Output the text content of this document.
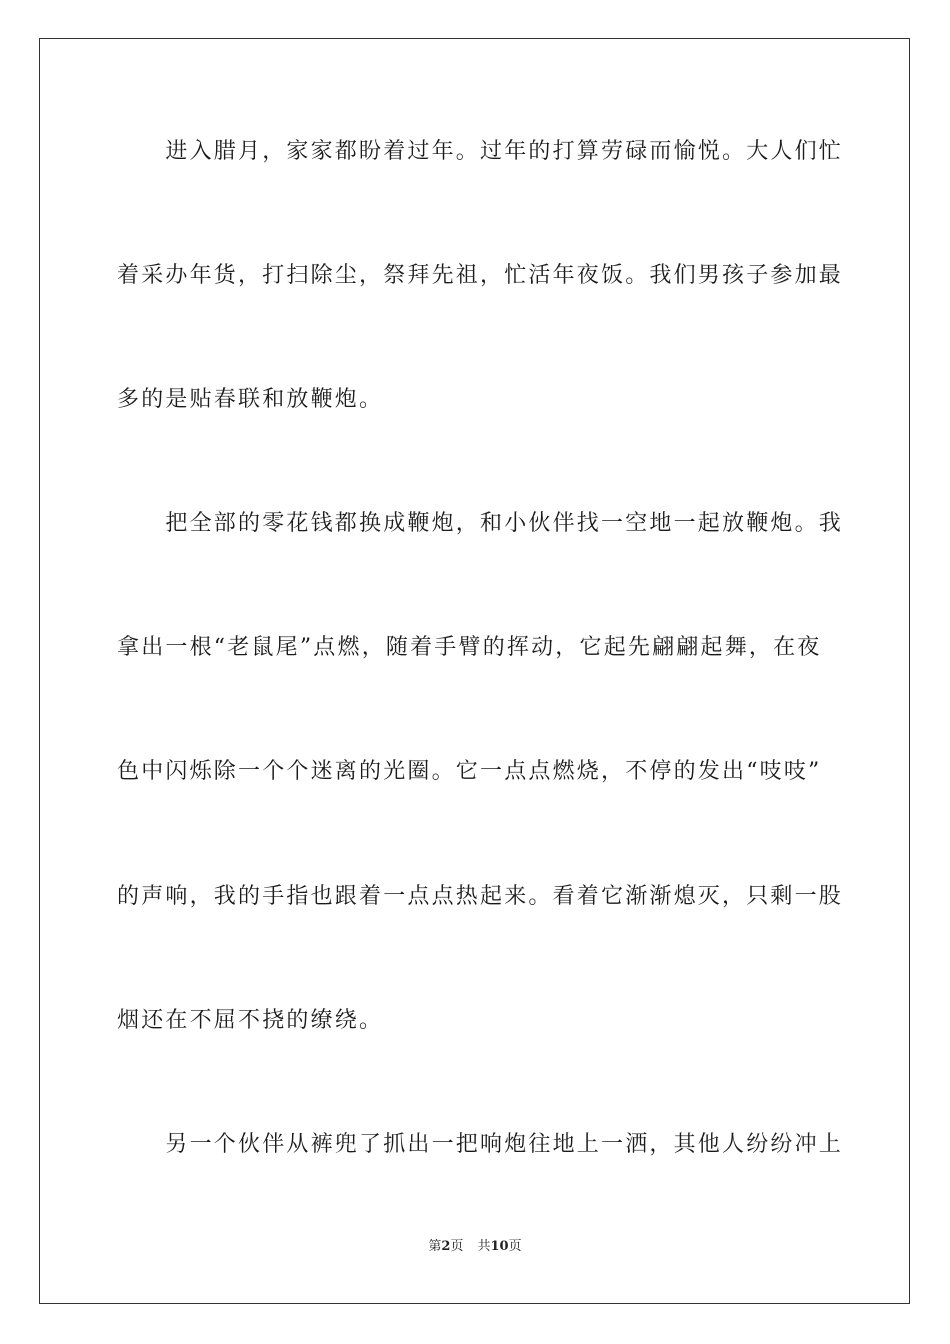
　　进入腊月，家家都盼着过年。过年的打算劳碌而愉悦。大人们忙
着采办年货，打扫除尘，祭拜先祖，忙活年夜饭。我们男孩子参加最
多的是贴春联和放鞭炮。
　　把全部的零花钱都换成鞭炮，和小伙伴找一空地一起放鞭炮。我
拿出一根“老鼠尾”点燃，随着手臂的挥动，它起先翩翩起舞，在夜
色中闪烁除一个个迷离的光圈。它一点点燃烧，不停的发出“吱吱”
的声响，我的手指也跟着一点点热起来。看着它渐渐熄灭，只剩一股
烟还在不屈不挠的缭绕。
　　另一个伙伴从裤兜了抓出一把响炮往地上一洒，其他人纷纷冲上
第2页 共10页
